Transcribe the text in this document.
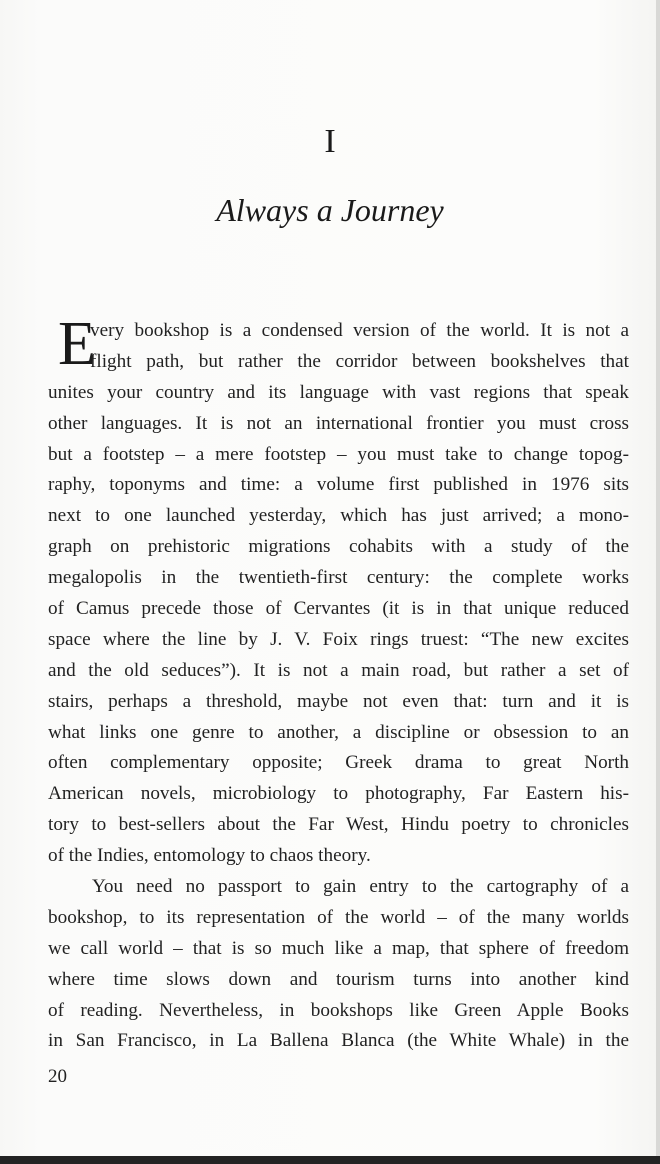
I
Always a Journey
E
very bookshop is a condensed version of the world. It is not a
flight path, but rather the corridor between bookshelves that
unites your country and its language with vast regions that speak
other languages. It is not an international frontier you must cross
but a footstep – a mere footstep – you must take to change topog-
raphy, toponyms and time: a volume first published in 1976 sits
next to one launched yesterday, which has just arrived; a mono-
graph on prehistoric migrations cohabits with a study of the
megalopolis in the twentieth-first century: the complete works
of Camus precede those of Cervantes (it is in that unique reduced
space where the line by J. V. Foix rings truest: “The new excites
and the old seduces”). It is not a main road, but rather a set of
stairs, perhaps a threshold, maybe not even that: turn and it is
what links one genre to another, a discipline or obsession to an
often complementary opposite; Greek drama to great North
American novels, microbiology to photography, Far Eastern his-
tory to best-sellers about the Far West, Hindu poetry to chronicles
of the Indies, entomology to chaos theory.
You need no passport to gain entry to the cartography of a
bookshop, to its representation of the world – of the many worlds
we call world – that is so much like a map, that sphere of freedom
where time slows down and tourism turns into another kind
of reading. Nevertheless, in bookshops like Green Apple Books
in San Francisco, in La Ballena Blanca (the White Whale) in the
20
